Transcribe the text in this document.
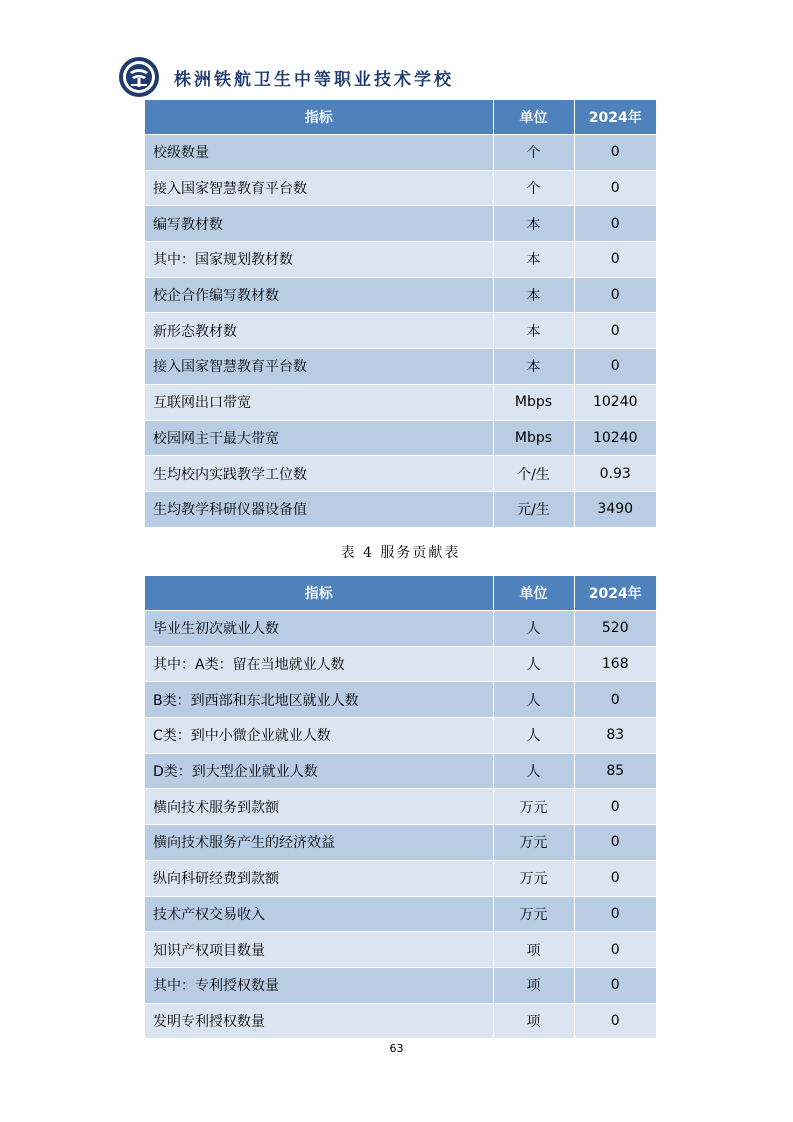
株洲铁航卫生中等职业技术学校
指标	单位	2024年
校级数量	个	0
接入国家智慧教育平台数	个	0
编写教材数	本	0
其中：国家规划教材数	本	0
校企合作编写教材数	本	0
新形态教材数	本	0
接入国家智慧教育平台数	本	0
互联网出口带宽	Mbps	10240
校园网主干最大带宽	Mbps	10240
生均校内实践教学工位数	个/生	0.93
生均教学科研仪器设备值	元/生	3490
表 4 服务贡献表
指标	单位	2024年
毕业生初次就业人数	人	520
其中：A类：留在当地就业人数	人	168
B类：到西部和东北地区就业人数	人	0
C类：到中小微企业就业人数	人	83
D类：到大型企业就业人数	人	85
横向技术服务到款额	万元	0
横向技术服务产生的经济效益	万元	0
纵向科研经费到款额	万元	0
技术产权交易收入	万元	0
知识产权项目数量	项	0
其中：专利授权数量	项	0
发明专利授权数量	项	0
63
